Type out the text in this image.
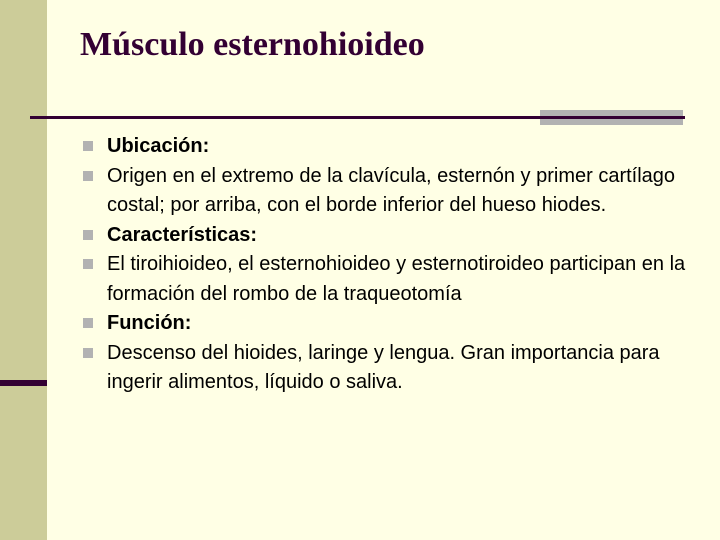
Músculo esternohioideo
Ubicación:
Origen en el extremo de la clavícula, esternón y primer cartílago costal; por arriba, con el borde inferior del hueso hiodes.
Características:
El tiroihioideo, el esternohioideo y esternotiroideo participan en la formación del rombo de la traqueotomía
Función:
Descenso del hioides, laringe y lengua. Gran importancia para ingerir alimentos, líquido o saliva.
